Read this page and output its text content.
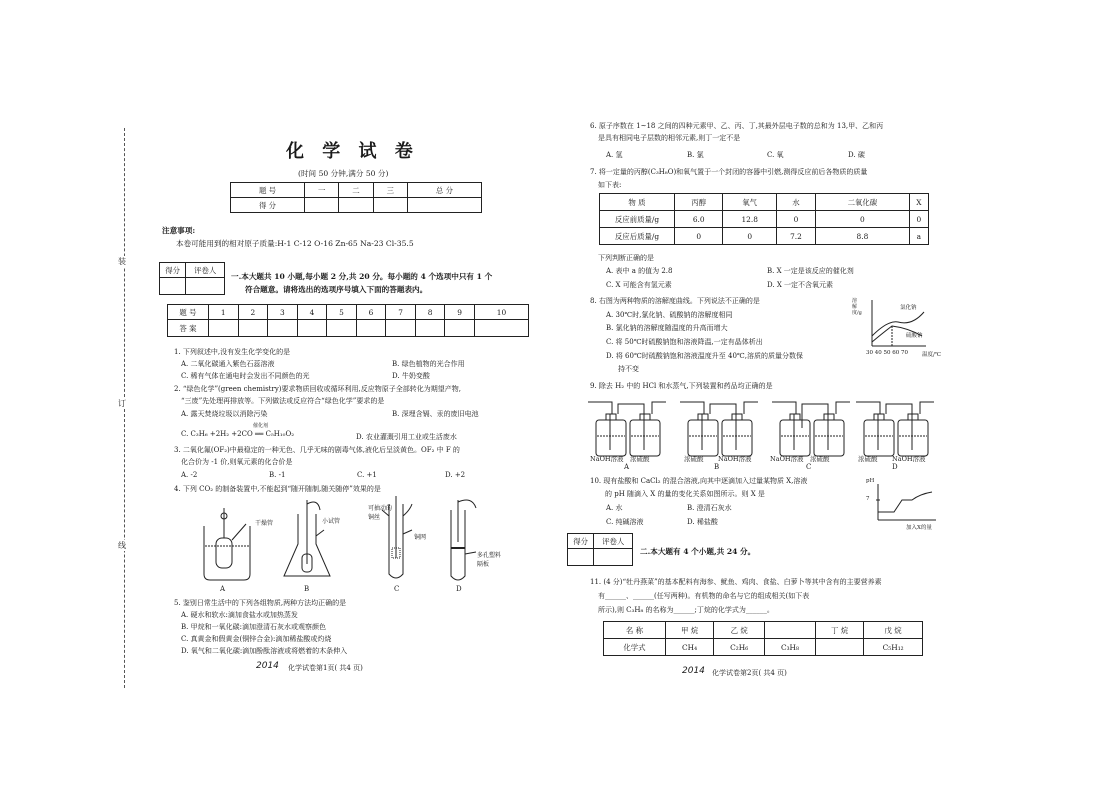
装
订
线
化 学 试 卷
(时间 50 分钟,满分 50 分)
题 号	一	二	三	总 分
得 分				
注意事项:
本卷可能用到的相对原子质量:H-1 C-12 O-16 Zn-65 Na-23 Cl-35.5
得分	评卷人

一.本大题共 10 小题,每小题 2 分,共 20 分。每小题的 4 个选项中只有 1 个
符合题意。请将选出的选项序号填入下面的答题表内。
题 号	1	2	3	4	5	6	7	8	9	10
答 案										
1. 下列叙述中,没有发生化学变化的是
A. 二氧化碳通入紫色石蕊溶液	B. 绿色植物的光合作用
C. 稀有气体在通电时会发出不同颜色的光	D. 牛奶变酸
2. “绿色化学”(green chemistry)要求物质回收或循环利用,反应物原子全部转化为期望产物,
“三废”先处理再排放等。下列做法或反应符合“绿色化学”要求的是
A. 露天焚烧垃圾以消除污染	B. 深埋含镉、汞的废旧电池
催化剂
C. C₃H₆ +2H₂ +2CO ══ C₅H₁₀O₂	D. 农业灌溉引用工业或生活废水
3. 二氧化氟(OF₂)中最稳定的一种无色、几乎无味的剧毒气体,液化后呈淡黄色。OF₂ 中 F 的
化合价为 -1 价,则氧元素的化合价是
A. -2	B. -1	C. +1	D. +2
4. 下列 CO₂ 的制备装置中,不能起到“随开随制,随关随停”效果的是
干燥管	小试管
可抽动的铜丝
铜网
多孔塑料隔板
A	B	C	D
5. 鉴别日常生活中的下列各组物质,两种方法均正确的是
A. 硬水和软水:滴加食盐水或加热蒸发
B. 甲烷和一氧化碳:滴加澄清石灰水或观察颜色
C. 真黄金和假黄金(铜锌合金):滴加稀盐酸或灼烧
D. 氧气和二氧化碳:滴加酚酞溶液或将燃着的木条伸入
2014 化学试卷第1页( 共4 页)
6. 原子序数在 1~18 之间的四种元素甲、乙、丙、丁,其最外层电子数的总和为 13,甲、乙和丙
是具有相同电子层数的相邻元素,则丁一定不是
A. 氢	B. 氯	C. 氧	D. 碳
7. 将一定量的丙醇(C₃H₈O)和氧气置于一个封闭的容器中引燃,测得反应前后各物质的质量
如下表:
物 质	丙醇	氧气	水	二氧化碳	X
反应前质量/g	6.0	12.8	0	0	0
反应后质量/g	0	0	7.2	8.8	a
下列判断正确的是
A. 表中 a 的值为 2.8	B. X 一定是该反应的催化剂
C. X 可能含有氢元素	D. X 一定不含氧元素
8. 右图为两种物质的溶解度曲线。下列说法不正确的是
A. 30℃时,氯化钠、硫酸钠的溶解度相同
B. 氯化钠的溶解度随温度的升高而增大
C. 将 50℃时硫酸钠饱和溶液降温,一定有晶体析出
D. 将 60℃时硫酸钠饱和溶液温度升至 40℃,溶质的质量分数保
持不变
溶解度/g
氯化钠
硫酸钠
30 40 50 60 70	温度/℃
9. 除去 H₂ 中的 HCl 和水蒸气,下列装置和药品均正确的是
NaOH溶液 浓硫酸	浓硫酸 NaOH溶液	NaOH溶液 浓硫酸	浓硫酸 NaOH溶液
A	B	C	D
10. 现有盐酸和 CaCl₂ 的混合溶液,向其中逐滴加入过量某物质 X,溶液
的 pH 随滴入 X 的量的变化关系如图所示。则 X 是
A. 水	B. 澄清石灰水
C. 纯碱溶液	D. 稀盐酸
pH
7
加入X的量
得分	评卷人

二.本大题有 4 个小题,共 24 分。
11. (4 分)“牡丹燕菜”的基本配料有海参、鱿鱼、鸡肉、食盐、白萝卜等其中含有的主要营养素
有______、______(任写两种)。有机物的命名与它的组成相关(如下表
所示),则 C₃H₈ 的名称为______;丁烷的化学式为______。
名 称	甲 烷	乙 烷		丁 烷	戊 烷
化学式	CH₄	C₂H₆	C₃H₈		C₅H₁₂
2014 化学试卷第2页( 共4 页)
